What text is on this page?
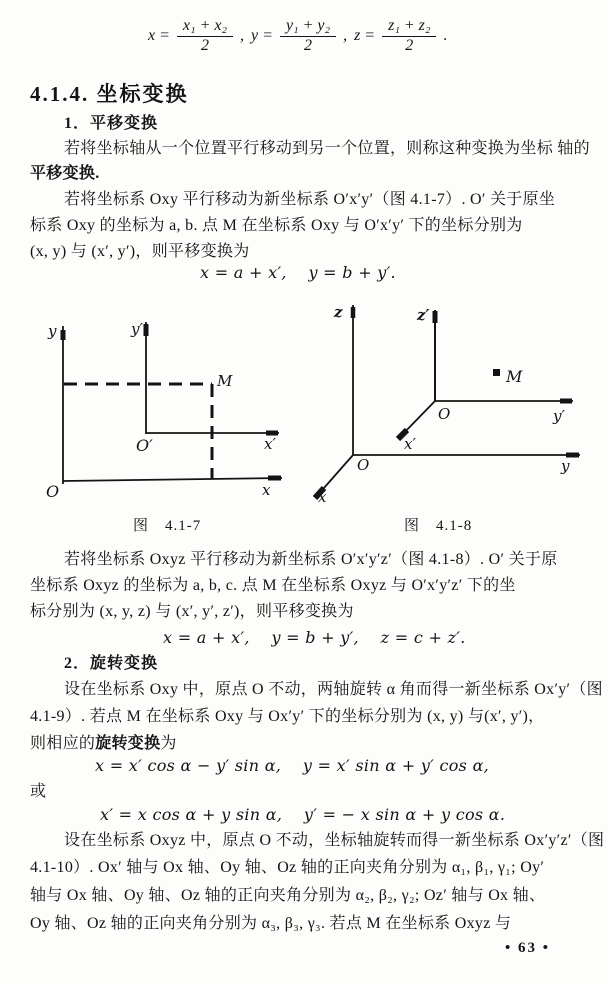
$x = \frac{\text{x₁ + x₂}}{2}$ , $y = \frac{\text{y₁ + y₂}}{2}$ , $z = \frac{\text{z₁ + z₂}}{2}$ .
4.1.4. 坐标变换
1．平移变换
若将坐标轴从一个位置平行移动到另一个位置，则称这种变换为坐标 轴的
平移变换.
若将坐标系 Oxy 平行移动为新坐标系 O′x′y′（图 4.1-7）. O′ 关于原坐
标系 Oxy 的坐标为 a, b. 点 M 在坐标系 Oxy 与 O′x′y′ 下的坐标分别为
(x, y) 与 (x′, y′)，则平移变换为
x = a + x′,　 y = b + y′.
y	y′
x
x′
O
O′
M
图　4.1-7
z	z′
y′
O
x′
y
O
x
M
图　4.1-8
若将坐标系 Oxyz 平行移动为新坐标系 O′x′y′z′（图 4.1-8）. O′ 关于原
坐标系 Oxyz 的坐标为 a, b, c. 点 M 在坐标系 Oxyz 与 O′x′y′z′ 下的坐
标分别为 (x, y, z) 与 (x′, y′, z′)，则平移变换为
x = a + x′,　 y = b + y′,　 z = c + z′.
2．旋转变换
设在坐标系 Oxy 中，原点 O 不动，两轴旋转 α 角而得一新坐标系 Ox′y′（图
4.1-9）. 若点 M 在坐标系 Oxy 与 Ox′y′ 下的坐标分别为 (x, y) 与(x′, y′)，
则相应的旋转变换为
x = x′ cos α − y′ sin α,　 y = x′ sin α + y′ cos α,
或
x′ = x cos α + y sin α,　 y′ = − x sin α + y cos α.
设在坐标系 Oxyz 中，原点 O 不动，坐标轴旋转而得一新坐标系 Ox′y′z′（图
4.1-10）. Ox′ 轴与 Ox 轴、Oy 轴、Oz 轴的正向夹角分别为 α₁, β₁, γ₁; Oy′
轴与 Ox 轴、Oy 轴、Oz 轴的正向夹角分别为 α₂, β₂, γ₂; Oz′ 轴与 Ox 轴、
Oy 轴、Oz 轴的正向夹角分别为 α₃, β₃, γ₃. 若点 M 在坐标系 Oxyz 与
• 63 •
